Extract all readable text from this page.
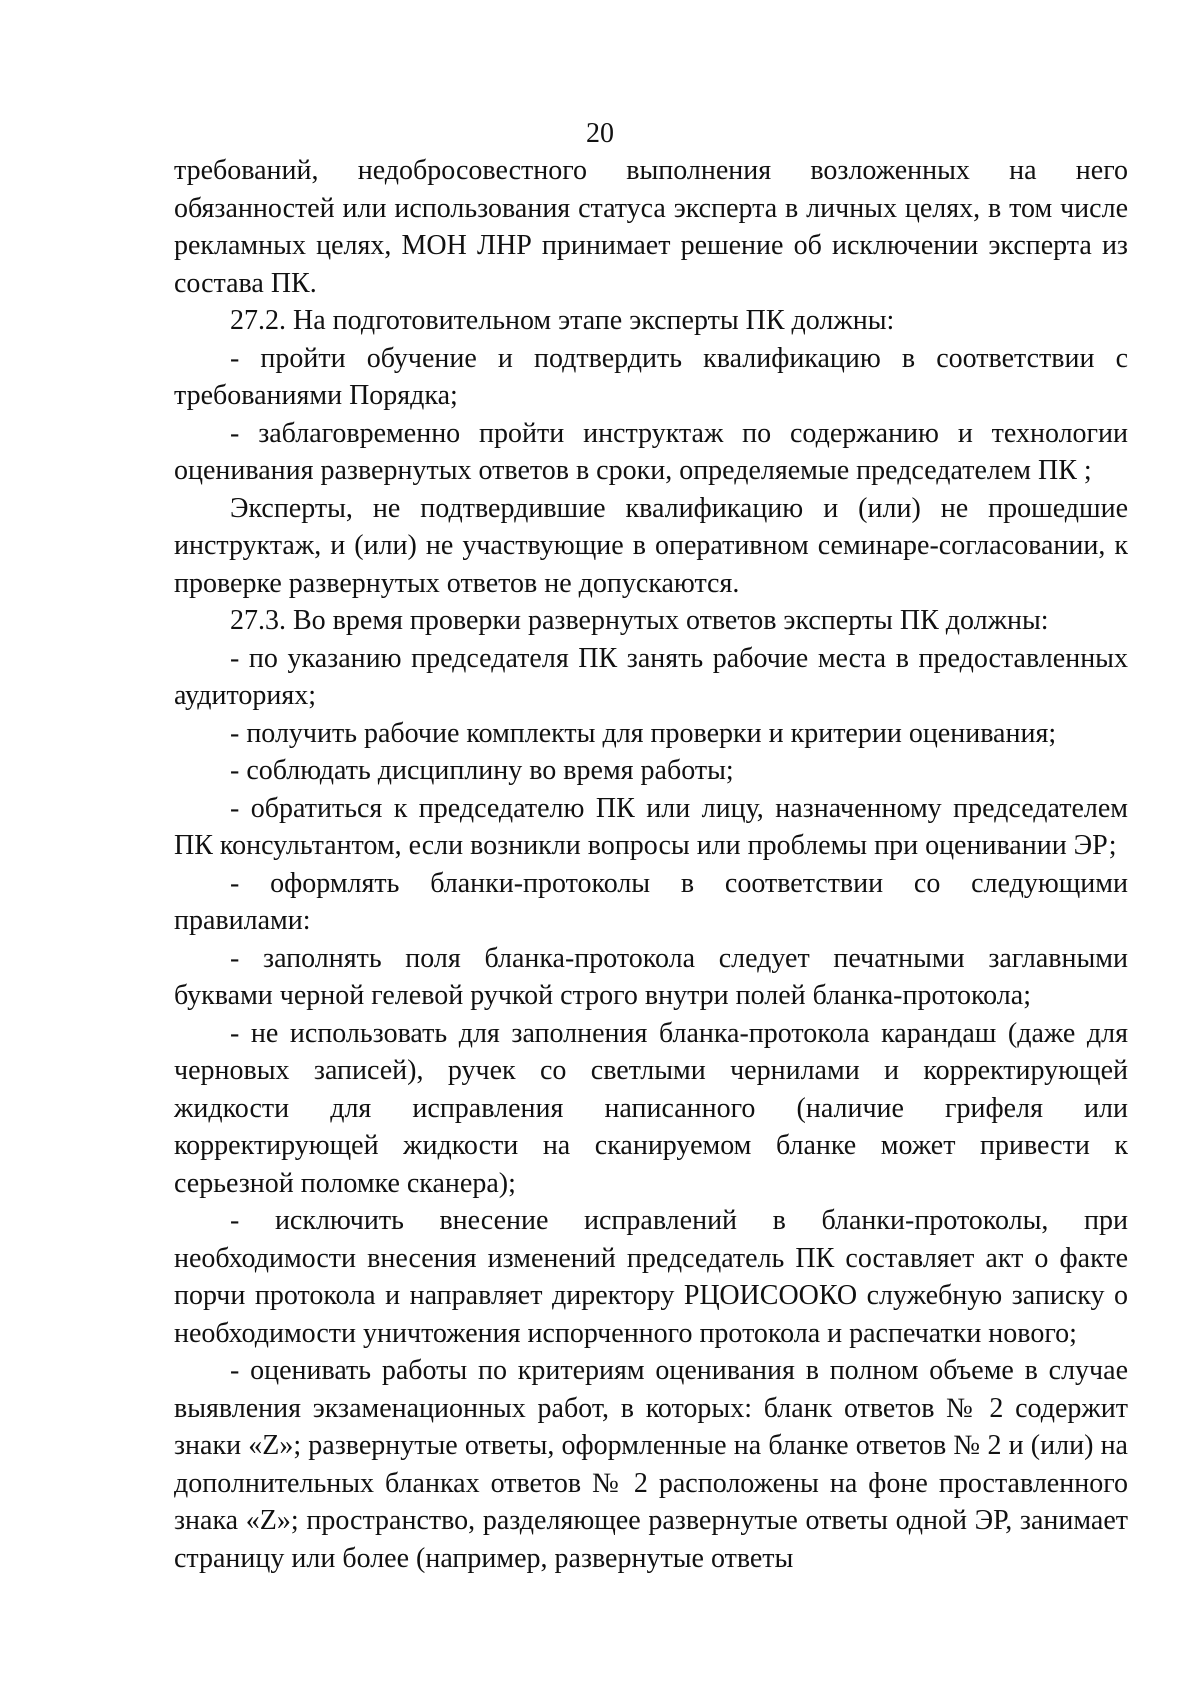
20

требований, недобросовестного выполнения возложенных на него обязанностей или использования статуса эксперта в личных целях, в том числе рекламных целях, МОН ЛНР принимает решение об исключении эксперта из состава ПК.

27.2. На подготовительном этапе эксперты ПК должны:

- пройти обучение и подтвердить квалификацию в соответствии с требованиями Порядка;

- заблаговременно пройти инструктаж по содержанию и технологии оценивания развернутых ответов в сроки, определяемые председателем ПК ;

Эксперты, не подтвердившие квалификацию и (или) не прошедшие инструктаж, и (или) не участвующие в оперативном семинаре-согласовании, к проверке развернутых ответов не допускаются.

27.3. Во время проверки развернутых ответов эксперты ПК должны:

- по указанию председателя ПК занять рабочие места в предоставленных аудиториях;

- получить рабочие комплекты для проверки и критерии оценивания;

- соблюдать дисциплину во время работы;

- обратиться к председателю ПК или лицу, назначенному председателем ПК консультантом, если возникли вопросы или проблемы при оценивании ЭР;

- оформлять бланки-протоколы в соответствии со следующими правилами:

- заполнять поля бланка-протокола следует печатными заглавными буквами черной гелевой ручкой строго внутри полей бланка-протокола;

- не использовать для заполнения бланка-протокола карандаш (даже для черновых записей), ручек со светлыми чернилами и корректирующей жидкости для исправления написанного (наличие грифеля или корректирующей жидкости на сканируемом бланке может привести к серьезной поломке сканера);

- исключить внесение исправлений в бланки-протоколы, при необходимости внесения изменений председатель ПК составляет акт о факте порчи протокола и направляет директору РЦОИСООКО служебную записку о необходимости уничтожения испорченного протокола и распечатки нового;

- оценивать работы по критериям оценивания в полном объеме в случае выявления экзаменационных работ, в которых: бланк ответов № 2 содержит знаки «Z»; развернутые ответы, оформленные на бланке ответов № 2 и (или) на дополнительных бланках ответов № 2 расположены на фоне проставленного знака «Z»; пространство, разделяющее развернутые ответы одной ЭР, занимает страницу или более (например, развернутые ответы
